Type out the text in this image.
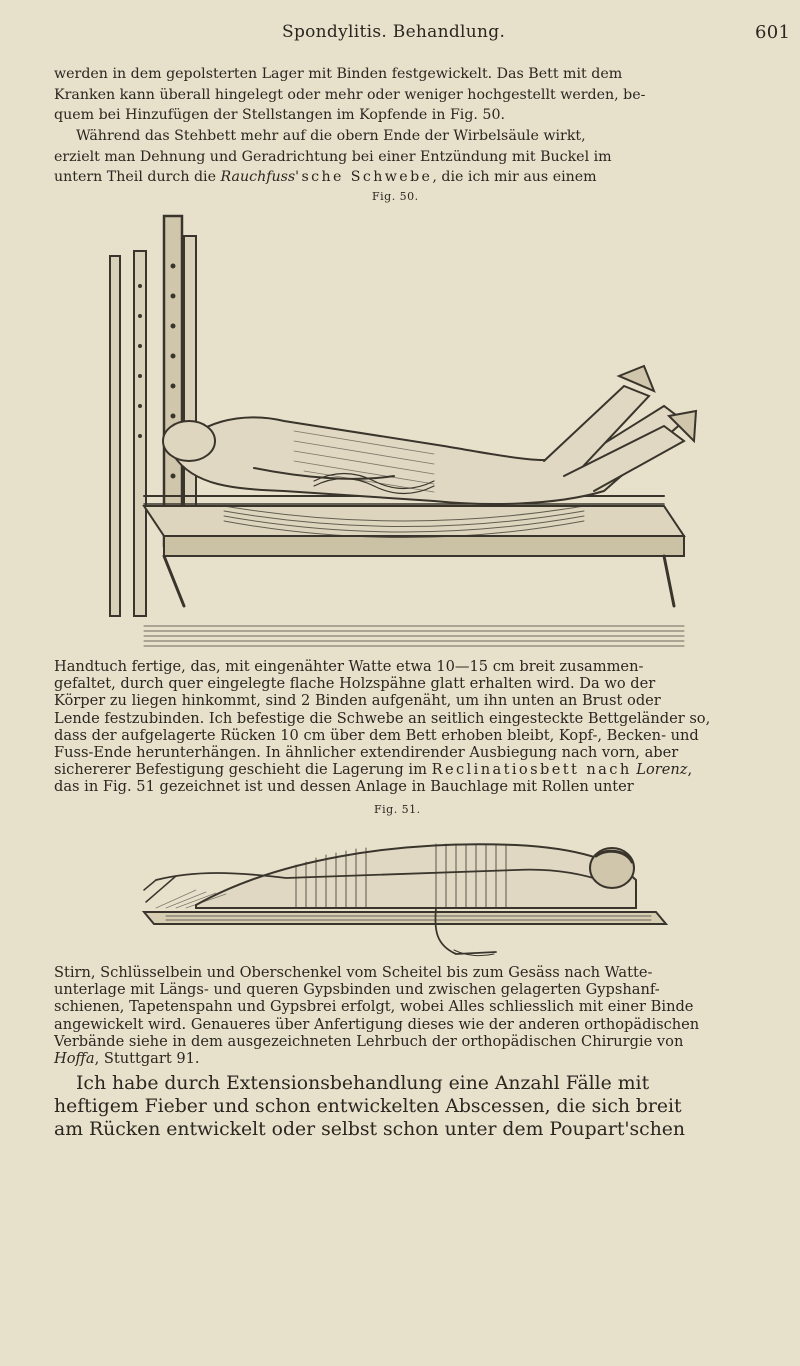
Spondylitis. Behandlung.	601
werden in dem gepolsterten Lager mit Binden festgewickelt. Das Bett mit dem
Kranken kann überall hingelegt oder mehr oder weniger hochgestellt werden, be-
quem bei Hinzufügen der Stellstangen im Kopfende in Fig. 50.
Während das Stehbett mehr auf die obern Ende der Wirbelsäule wirkt,
erzielt man Dehnung und Geradrichtung bei einer Entzündung mit Buckel im
untern Theil durch die Rauchfuss'sche Schwebe, die ich mir aus einem
Fig. 50.
Handtuch fertige, das, mit eingenähter Watte etwa 10—15 cm breit zusammen-
gefaltet, durch quer eingelegte flache Holzspähne glatt erhalten wird. Da wo der
Körper zu liegen hinkommt, sind 2 Binden aufgenäht, um ihn unten an Brust oder
Lende festzubinden. Ich befestige die Schwebe an seitlich eingesteckte Bettgeländer so,
dass der aufgelagerte Rücken 10 cm über dem Bett erhoben bleibt, Kopf-, Becken- und
Fuss-Ende herunterhängen. In ähnlicher extendirender Ausbiegung nach vorn, aber
sichererer Befestigung geschieht die Lagerung im Reclinatiosbett nach Lorenz,
das in Fig. 51 gezeichnet ist und dessen Anlage in Bauchlage mit Rollen unter
Fig. 51.
Stirn, Schlüsselbein und Oberschenkel vom Scheitel bis zum Gesäss nach Watte-
unterlage mit Längs- und queren Gypsbinden und zwischen gelagerten Gypshanf-
schienen, Tapetenspahn und Gypsbrei erfolgt, wobei Alles schliesslich mit einer Binde
angewickelt wird. Genaueres über Anfertigung dieses wie der anderen orthopädischen
Verbände siehe in dem ausgezeichneten Lehrbuch der orthopädischen Chirurgie von
Hoffa, Stuttgart 91.
Ich habe durch Extensionsbehandlung eine Anzahl Fälle mit
heftigem Fieber und schon entwickelten Abscessen, die sich breit
am Rücken entwickelt oder selbst schon unter dem Poupart'schen
